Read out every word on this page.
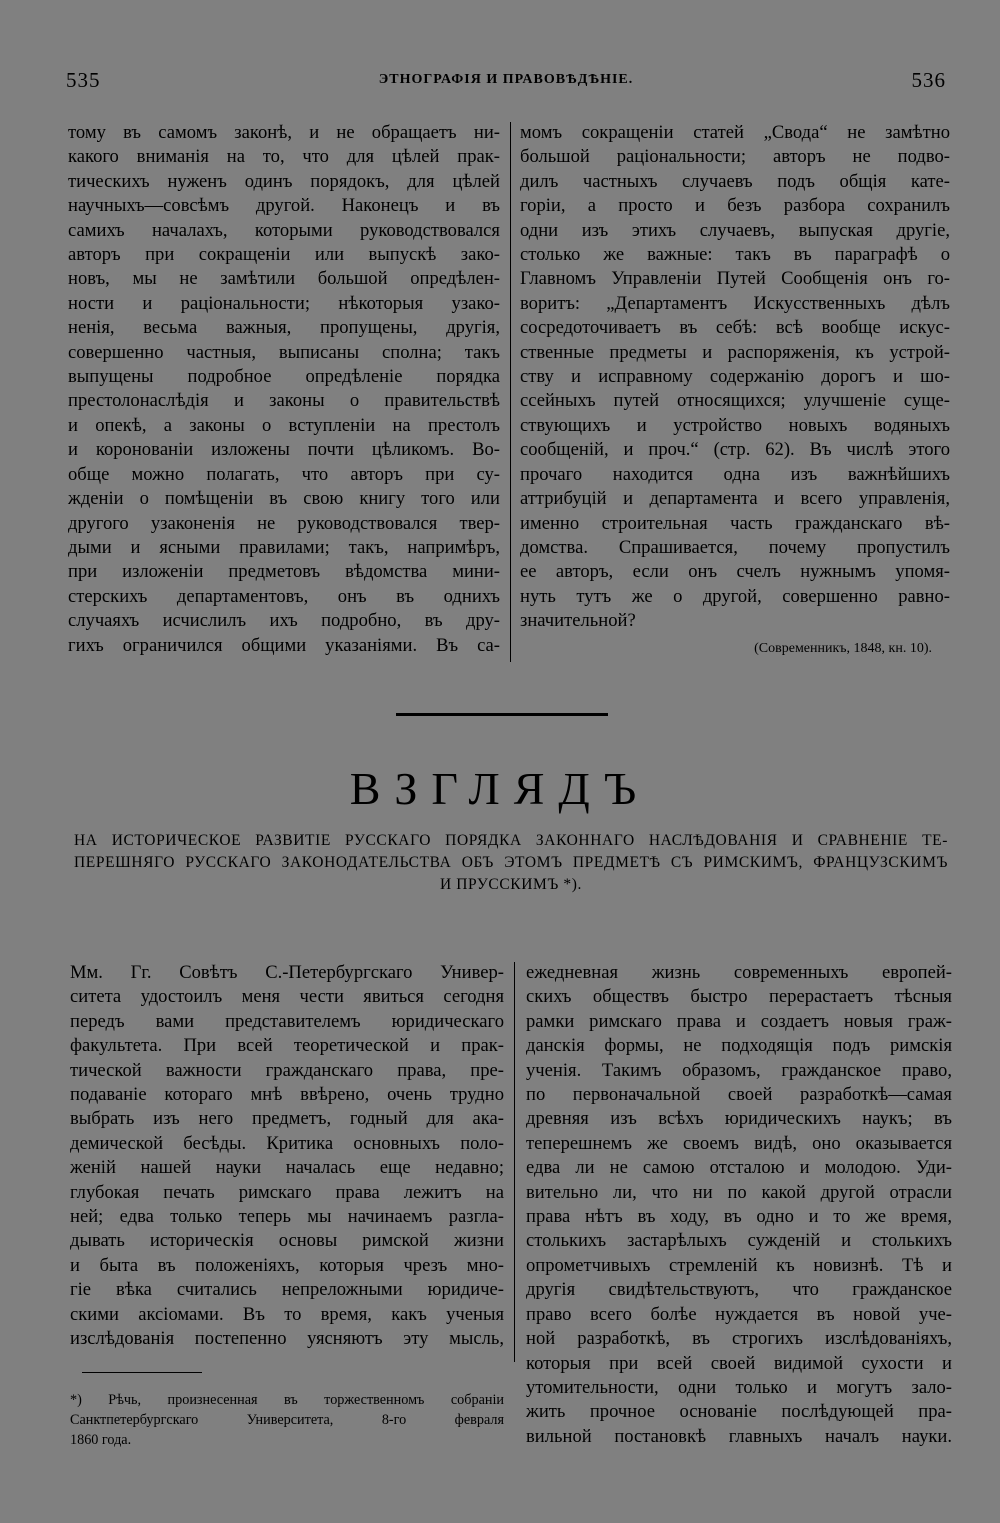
535	ЭТНОГРАФІЯ И ПРАВОВѢДѢНІЕ.	536
тому въ самомъ законѣ, и не обращаетъ ни-
какого вниманія на то, что для цѣлей прак-
тическихъ нуженъ одинъ порядокъ, для цѣлей
научныхъ—совсѣмъ другой. Наконецъ и въ
самихъ началахъ, которыми руководствовался
авторъ при сокращеніи или выпускѣ зако-
новъ, мы не замѣтили большой опредѣлен-
ности и раціональности; нѣкоторыя узако-
ненія, весьма важныя, пропущены, другія,
совершенно частныя, выписаны сполна; такъ
выпущены подробное опредѣленіе порядка
престолонаслѣдія и законы о правительствѣ
и опекѣ, а законы о вступленіи на престолъ
и короновaніи изложены почти цѣликомъ. Во-
обще можно полагать, что авторъ при су-
жденіи о помѣщеніи въ свою книгу того или
другого узаконенія не руководствовался твер-
дыми и ясными правилами; такъ, напримѣръ,
при изложеніи предметовъ вѣдомства мини-
стерскихъ департаментовъ, онъ въ однихъ
случаяхъ исчислилъ ихъ подробно, въ дру-
гихъ ограничился общими указаніями. Въ са-
момъ сокращеніи статей „Свода“ не замѣтно
большой раціональности; авторъ не подво-
дилъ частныхъ случаевъ подъ общія кате-
горіи, а просто и безъ разбора сохранилъ
одни изъ этихъ случаевъ, выпуская другіе,
столько же важные: такъ въ параграфѣ о
Главномъ Управленіи Путей Сообщенія онъ го-
воритъ: „Департаментъ Искусственныхъ дѣлъ
сосредоточиваетъ въ себѣ: всѣ вообще искус-
ственные предметы и распоряженія, къ устрой-
ству и исправному содержанію дорогъ и шо-
ссейныхъ путей относящихся; улучшеніе суще-
ствующихъ и устройство новыхъ водяныхъ
сообщеній, и проч.“ (стр. 62). Въ числѣ этого
прочаго находится одна изъ важнѣйшихъ
аттрибуцій и департамента и всего управленія,
именно строительная часть гражданскаго вѣ-
домства. Спрашивается, почему пропустилъ
ее авторъ, если онъ счелъ нужнымъ упомя-
нуть тутъ же о другой, совершенно равно-
значительной?
(Современникъ, 1848, кн. 10).
ВЗГЛЯДЪ
НА ИСТОРИЧЕСКОЕ РАЗВИТІЕ РУССКАГО ПОРЯДКА ЗАКОННАГО НАСЛѢДОВАНІЯ И СРАВНЕНІЕ ТЕ-
ПЕРЕШНЯГО РУССКАГО ЗАКОНОДАТЕЛЬСТВА ОБЪ ЭТОМЪ ПРЕДМЕТѢ СЪ РИМСКИМЪ, ФРАНЦУЗСКИМЪ
И ПРУССКИМЪ *).
Мм. Гг. Совѣтъ С.-Петербургскаго Универ-
ситета удостоилъ меня чести явиться сегодня
передъ вами представителемъ юридическаго
факультета. При всей теоретической и прак-
тической важности гражданскаго права, пре-
подаваніе котораго мнѣ ввѣрено, очень трудно
выбрать изъ него предметъ, годный для ака-
демической бесѣды. Критика основныхъ поло-
женій нашей науки началась еще недавно;
глубокая печать римскаго права лежитъ на
ней; едва только теперь мы начинаемъ разгла-
дывать историческія основы римской жизни
и быта въ положеніяхъ, которыя чрезъ мно-
гіе вѣка считались непреложными юридиче-
скими аксіомами. Въ то время, какъ ученыя
изслѣдованія постепенно уясняютъ эту мысль,
ежедневная жизнь современныхъ европей-
скихъ обществъ быстро перерастаетъ тѣсныя
рамки римскаго права и создаетъ новыя граж-
данскія формы, не подходящія подъ римскія
ученія. Такимъ образомъ, гражданское право,
по первоначальной своей разработкѣ—самая
древняя изъ всѣхъ юридическихъ наукъ; въ
теперешнемъ же своемъ видѣ, оно оказывается
едва ли не самою отсталою и молодою. Уди-
вительно ли, что ни по какой другой отрасли
права нѣтъ въ ходу, въ одно и то же время,
столькихъ застарѣлыхъ сужденій и столькихъ
опрометчивыхъ стремленій къ новизнѣ. Тѣ и
другія свидѣтельствуютъ, что гражданское
право всего болѣе нуждается въ новой уче-
ной разработкѣ, въ строгихъ изслѣдованіяхъ,
которыя при всей своей видимой сухости и
утомительности, одни только и могутъ зало-
жить прочное основаніе послѣдующей пра-
вильной постановкѣ главныхъ началъ науки.
*) Рѣчь, произнесенная въ торжественномъ собраніи
Санктпетербургскаго Университета, 8-го февраля
1860 года.
